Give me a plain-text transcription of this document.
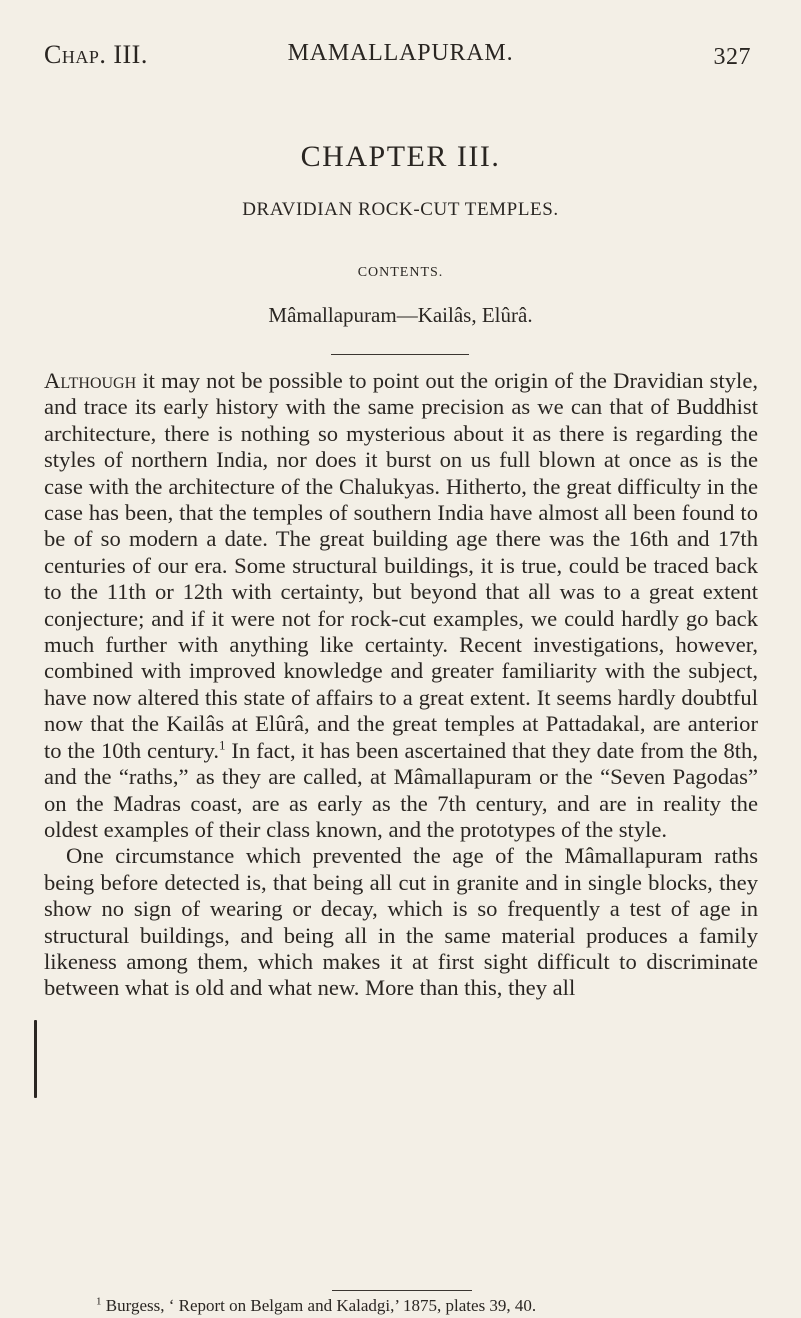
Chap. III.	MAMALLAPURAM.	327
CHAPTER III.
DRAVIDIAN ROCK-CUT TEMPLES.
CONTENTS.
Mâmallapuram—Kailâs, Elûrâ.

Although it may not be possible to point out the origin of the Dravidian style, and trace its early history with the same precision as we can that of Buddhist architecture, there is nothing so mysterious about it as there is regarding the styles of northern India, nor does it burst on us full blown at once as is the case with the architecture of the Chalukyas. Hitherto, the great difficulty in the case has been, that the temples of southern India have almost all been found to be of so modern a date. The great building age there was the 16th and 17th centuries of our era. Some structural buildings, it is true, could be traced back to the 11th or 12th with certainty, but beyond that all was to a great extent conjecture; and if it were not for rock-cut examples, we could hardly go back much further with anything like certainty. Recent investigations, however, combined with improved knowledge and greater familiarity with the subject, have now altered this state of affairs to a great extent. It seems hardly doubtful now that the Kailâs at Elûrâ, and the great temples at Pattadakal, are anterior to the 10th century.$^1$ In fact, it has been ascertained that they date from the 8th, and the “raths,” as they are called, at Mâmallapuram or the “Seven Pagodas” on the Madras coast, are as early as the 7th century, and are in reality the oldest examples of their class known, and the prototypes of the style.

One circumstance which prevented the age of the Mâmallapuram raths being before detected is, that being all cut in granite and in single blocks, they show no sign of wearing or decay, which is so frequently a test of age in structural buildings, and being all in the same material produces a family likeness among them, which makes it at first sight difficult to discriminate between what is old and what new. More than this, they all

$^1$ Burgess, ‘ Report on Belgam and Kaladgi,’ 1875, plates 39, 40.
